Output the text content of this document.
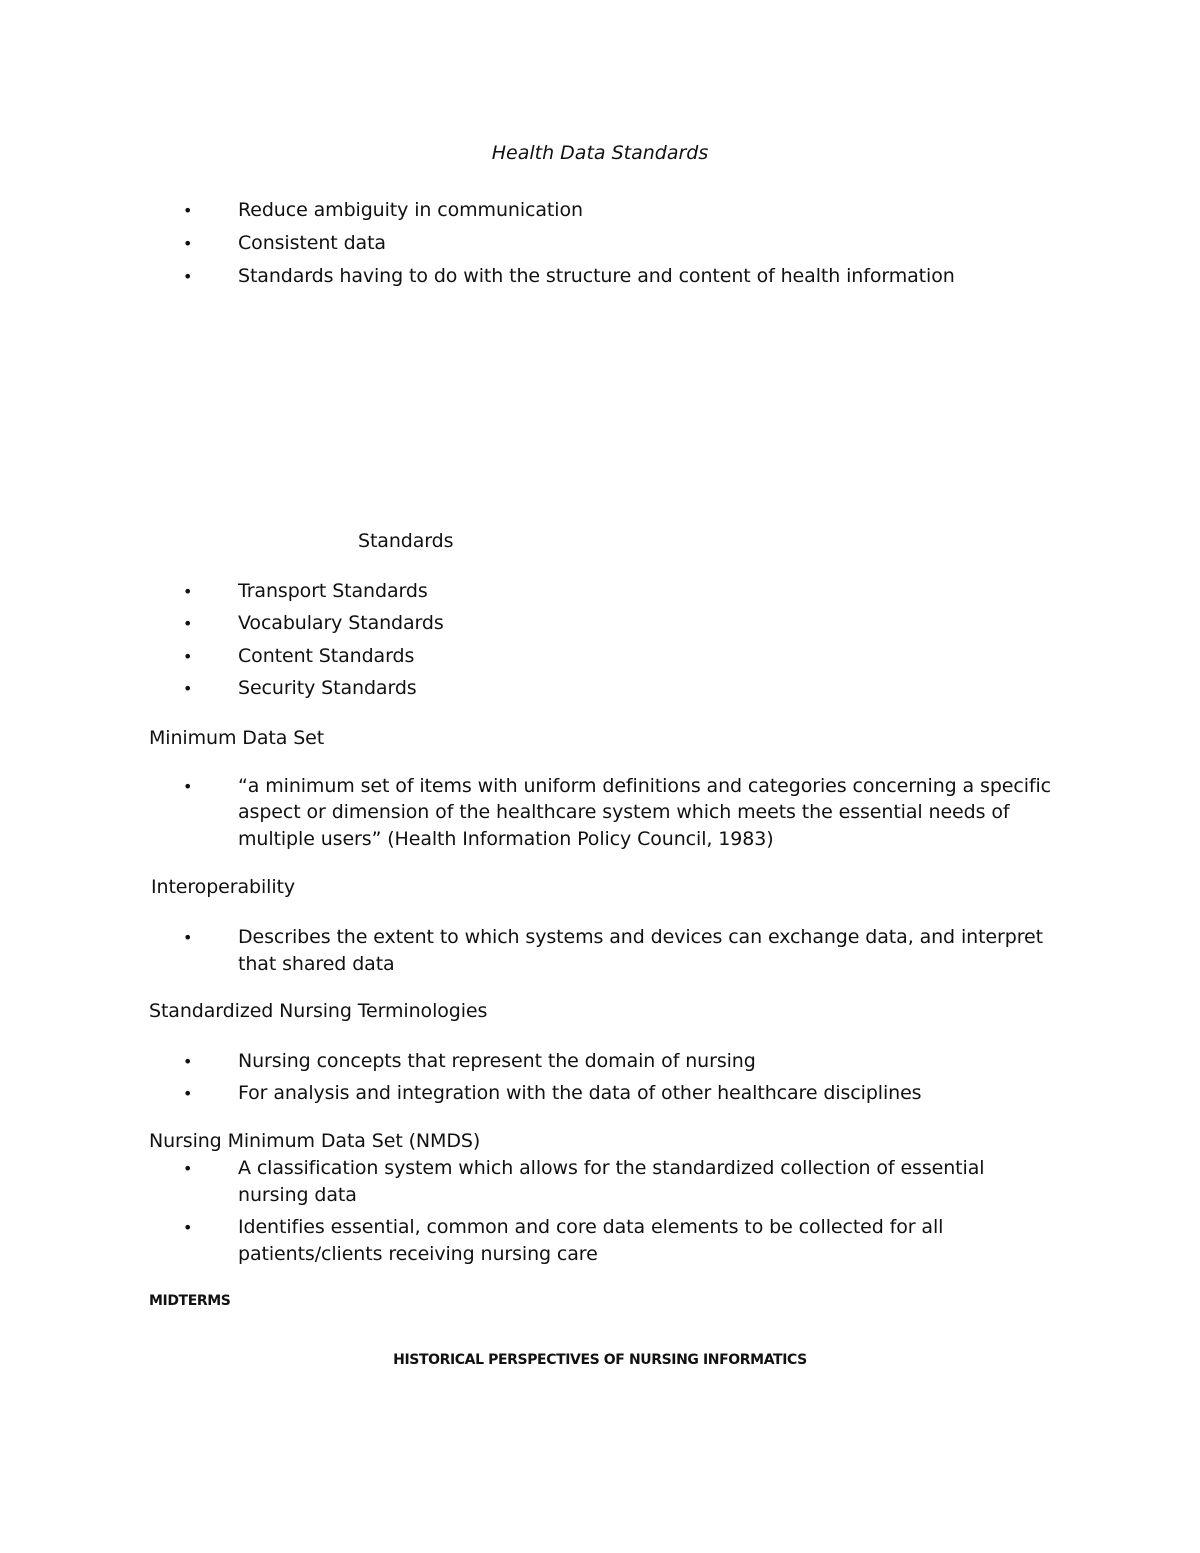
Health Data Standards
• Reduce ambiguity in communication
• Consistent data
• Standards having to do with the structure and content of health information
Standards
• Transport Standards
• Vocabulary Standards
• Content Standards
• Security Standards
Minimum Data Set
• “a minimum set of items with uniform definitions and categories concerning a specific
aspect or dimension of the healthcare system which meets the essential needs of
multiple users” (Health Information Policy Council, 1983)
Interoperability
• Describes the extent to which systems and devices can exchange data, and interpret
that shared data
Standardized Nursing Terminologies
• Nursing concepts that represent the domain of nursing
• For analysis and integration with the data of other healthcare disciplines
Nursing Minimum Data Set (NMDS)
• A classification system which allows for the standardized collection of essential
nursing data
• Identifies essential, common and core data elements to be collected for all
patients/clients receiving nursing care
MIDTERMS
HISTORICAL PERSPECTIVES OF NURSING INFORMATICS
